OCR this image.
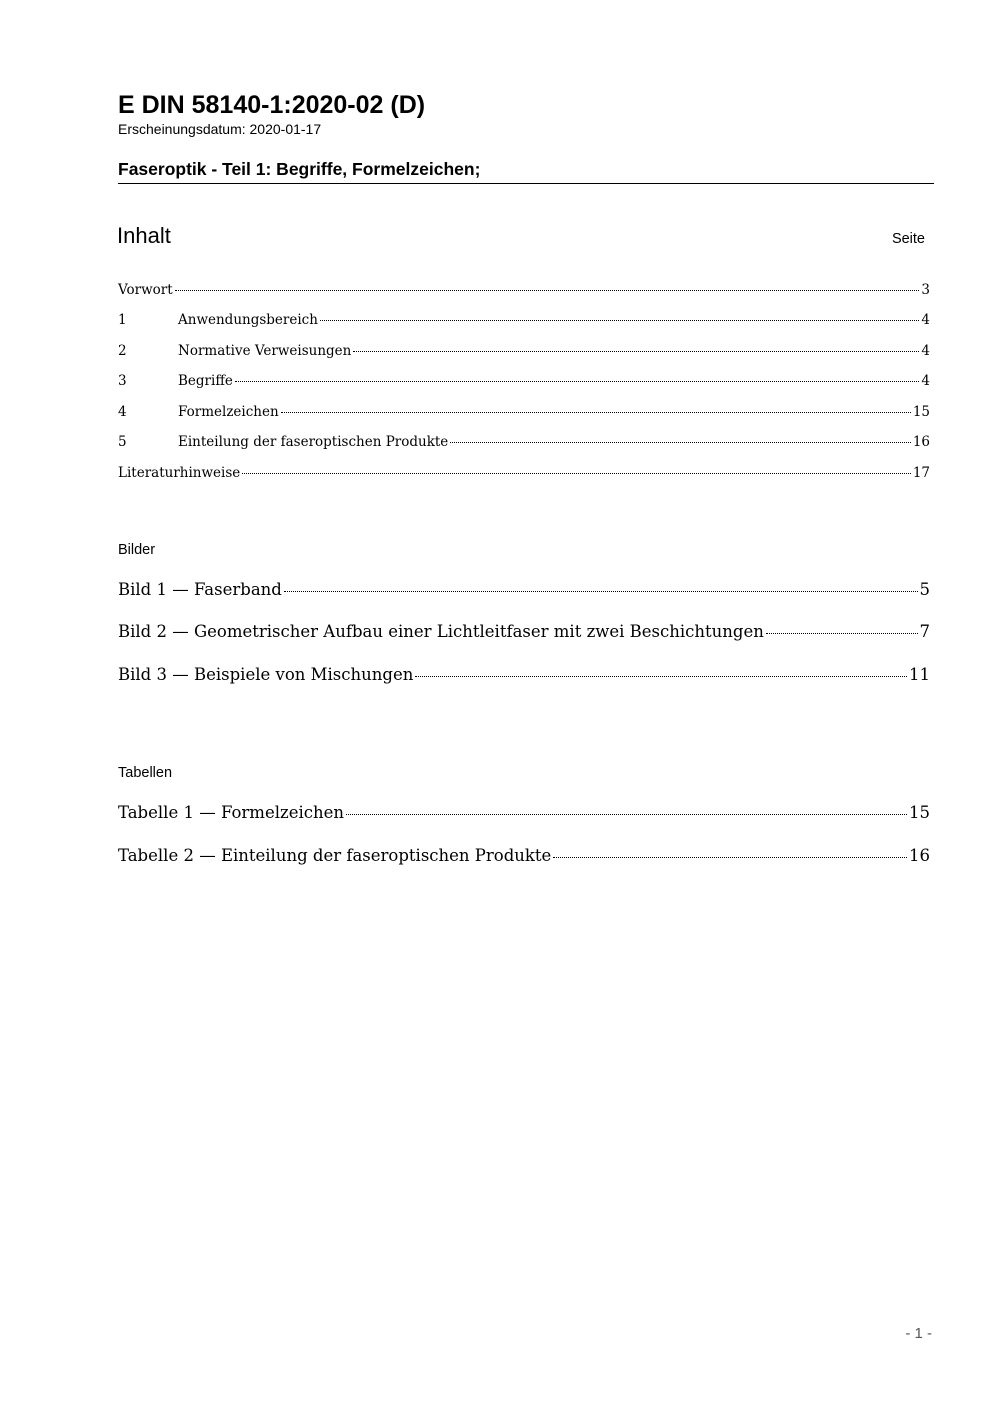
E DIN 58140-1:2020-02 (D)
Erscheinungsdatum: 2020-01-17
Faseroptik - Teil 1: Begriffe, Formelzeichen;
Inhalt	Seite
Vorwort	3
1	Anwendungsbereich	4
2	Normative Verweisungen	4
3	Begriffe	4
4	Formelzeichen	15
5	Einteilung der faseroptischen Produkte	16
Literaturhinweise	17
Bilder
Bild 1 — Faserband	5
Bild 2 — Geometrischer Aufbau einer Lichtleitfaser mit zwei Beschichtungen	7
Bild 3 — Beispiele von Mischungen	11
Tabellen
Tabelle 1 — Formelzeichen	15
Tabelle 2 — Einteilung der faseroptischen Produkte	16
- 1 -
